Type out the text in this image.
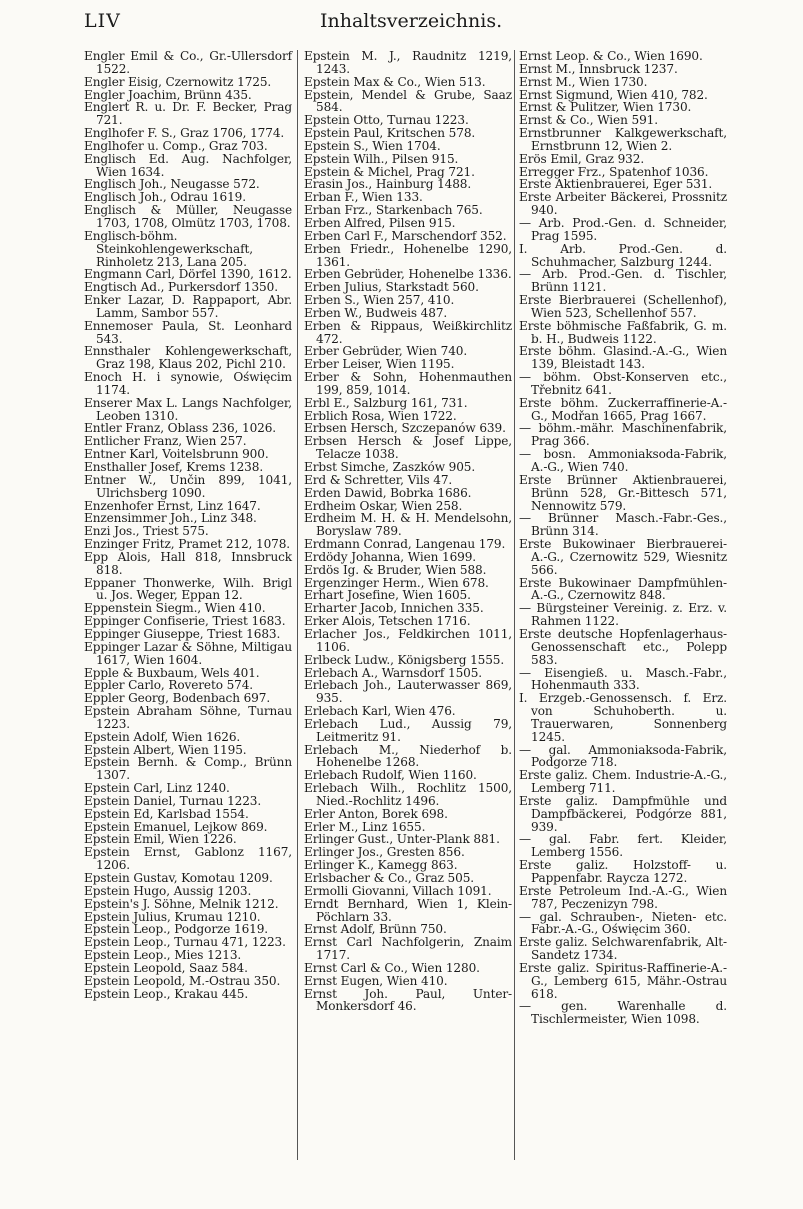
LIV	Inhaltsverzeichnis.

Engler Emil & Co., Gr.-Ullersdorf 1522.

Engler Eisig, Czernowitz 1725.

Engler Joachim, Brünn 435.

Englert R. u. Dr. F. Becker, Prag 721.

Englhofer F. S., Graz 1706, 1774.

Englhofer u. Comp., Graz 703.

Englisch Ed. Aug. Nachfolger, Wien 1634.

Englisch Joh., Neugasse 572.

Englisch Joh., Odrau 1619.

Englisch & Müller, Neugasse 1703, 1708, Olmütz 1703, 1708.

Englisch-böhm. Steinkohlengewerkschaft, Rinholetz 213, Lana 205.

Engmann Carl, Dörfel 1390, 1612.

Engtisch Ad., Purkersdorf 1350.

Enker Lazar, D. Rappaport, Abr. Lamm, Sambor 557.

Ennemoser Paula, St. Leonhard 543.

Ennsthaler Kohlengewerkschaft, Graz 198, Klaus 202, Pichl 210.

Enoch H. i synowie, Oświęcim 1174.

Enserer Max L. Langs Nachfolger, Leoben 1310.

Entler Franz, Oblass 236, 1026.

Entlicher Franz, Wien 257.

Entner Karl, Voitelsbrunn 900.

Ensthaller Josef, Krems 1238.

Entner W., Unčin 899, 1041, Ulrichsberg 1090.

Enzenhofer Ernst, Linz 1647.

Enzensimmer Joh., Linz 348.

Enzi Jos., Triest 575.

Enzinger Fritz, Pramet 212, 1078.

Epp Alois, Hall 818, Innsbruck 818.

Eppaner Thonwerke, Wilh. Brigl u. Jos. Weger, Eppan 12.

Eppenstein Siegm., Wien 410.

Eppinger Confiserie, Triest 1683.

Eppinger Giuseppe, Triest 1683.

Eppinger Lazar & Söhne, Miltigau 1617, Wien 1604.

Epple & Buxbaum, Wels 401.

Eppler Carlo, Rovereto 574.

Eppler Georg, Bodenbach 697.

Epstein Abraham Söhne, Turnau 1223.

Epstein Adolf, Wien 1626.

Epstein Albert, Wien 1195.

Epstein Bernh. & Comp., Brünn 1307.

Epstein Carl, Linz 1240.

Epstein Daniel, Turnau 1223.

Epstein Ed, Karlsbad 1554.

Epstein Emanuel, Lejkow 869.

Epstein Emil, Wien 1226.

Epstein Ernst, Gablonz 1167, 1206.

Epstein Gustav, Komotau 1209.

Epstein Hugo, Aussig 1203.

Epstein's J. Söhne, Melnik 1212.

Epstein Julius, Krumau 1210.

Epstein Leop., Podgorze 1619.

Epstein Leop., Turnau 471, 1223.

Epstein Leop., Mies 1213.

Epstein Leopold, Saaz 584.

Epstein Leopold, M.-Ostrau 350.

Epstein Leop., Krakau 445.

Epstein M. J., Raudnitz 1219, 1243.

Epstein Max & Co., Wien 513.

Epstein, Mendel & Grube, Saaz 584.

Epstein Otto, Turnau 1223.

Epstein Paul, Kritschen 578.

Epstein S., Wien 1704.

Epstein Wilh., Pilsen 915.

Epstein & Michel, Prag 721.

Erasin Jos., Hainburg 1488.

Erban F., Wien 133.

Erban Frz., Starkenbach 765.

Erben Alfred, Pilsen 915.

Erben Carl F., Marschendorf 352.

Erben Friedr., Hohenelbe 1290, 1361.

Erben Gebrüder, Hohenelbe 1336.

Erben Julius, Starkstadt 560.

Erben S., Wien 257, 410.

Erben W., Budweis 487.

Erben & Rippaus, Weißkirchlitz 472.

Erber Gebrüder, Wien 740.

Erber Leiser, Wien 1195.

Erber & Sohn, Hohenmauthen 199, 859, 1014.

Erbl E., Salzburg 161, 731.

Erblich Rosa, Wien 1722.

Erbsen Hersch, Szczepanów 639.

Erbsen Hersch & Josef Lippe, Telacze 1038.

Erbst Simche, Zaszków 905.

Erd & Schretter, Vils 47.

Erden Dawid, Bobrka 1686.

Erdheim Oskar, Wien 258.

Erdheim M. H. & H. Mendelsohn, Boryslaw 789.

Erdmann Conrad, Langenau 179.

Erdödy Johanna, Wien 1699.

Erdös Ig. & Bruder, Wien 588.

Ergenzinger Herm., Wien 678.

Erhart Josefine, Wien 1605.

Erharter Jacob, Innichen 335.

Erker Alois, Tetschen 1716.

Erlacher Jos., Feldkirchen 1011, 1106.

Erlbeck Ludw., Königsberg 1555.

Erlebach A., Warnsdorf 1505.

Erlebach Joh., Lauterwasser 869, 935.

Erlebach Karl, Wien 476.

Erlebach Lud., Aussig 79, Leitmeritz 91.

Erlebach M., Niederhof b. Hohenelbe 1268.

Erlebach Rudolf, Wien 1160.

Erlebach Wilh., Rochlitz 1500, Nied.-Rochlitz 1496.

Erler Anton, Borek 698.

Erler M., Linz 1655.

Erlinger Gust., Unter-Plank 881.

Erlinger Jos., Gresten 856.

Erlinger K., Kamegg 863.

Erlsbacher & Co., Graz 505.

Ermolli Giovanni, Villach 1091.

Erndt Bernhard, Wien 1, Klein-Pöchlarn 33.

Ernst Adolf, Brünn 750.

Ernst Carl Nachfolgerin, Znaim 1717.

Ernst Carl & Co., Wien 1280.

Ernst Eugen, Wien 410.

Ernst Joh. Paul, Unter-Monkersdorf 46.

Ernst Leop. & Co., Wien 1690.

Ernst M., Innsbruck 1237.

Ernst M., Wien 1730.

Ernst Sigmund, Wien 410, 782.

Ernst & Pulitzer, Wien 1730.

Ernst & Co., Wien 591.

Ernstbrunner Kalkgewerkschaft, Ernstbrunn 12, Wien 2.

Erös Emil, Graz 932.

Erregger Frz., Spatenhof 1036.

Erste Aktienbrauerei, Eger 531.

Erste Arbeiter Bäckerei, Prossnitz 940.

— Arb. Prod.-Gen. d. Schneider, Prag 1595.

I. Arb. Prod.-Gen. d. Schuhmacher, Salzburg 1244.

— Arb. Prod.-Gen. d. Tischler, Brünn 1121.

Erste Bierbrauerei (Schellenhof), Wien 523, Schellenhof 557.

Erste böhmische Faßfabrik, G. m. b. H., Budweis 1122.

Erste böhm. Glasind.-A.-G., Wien 139, Bleistadt 143.

— böhm. Obst-Konserven etc., Třebnitz 641.

Erste böhm. Zuckerraffinerie-A.-G., Modřan 1665, Prag 1667.

— böhm.-mähr. Maschinenfabrik, Prag 366.

— bosn. Ammoniaksoda-Fabrik, A.-G., Wien 740.

Erste Brünner Aktienbrauerei, Brünn 528, Gr.-Bittesch 571, Nennowitz 579.

— Brünner Masch.-Fabr.-Ges., Brünn 314.

Erste Bukowinaer Bierbrauerei-A.-G., Czernowitz 529, Wiesnitz 566.

Erste Bukowinaer Dampfmühlen-A.-G., Czernowitz 848.

— Bürgsteiner Vereinig. z. Erz. v. Rahmen 1122.

Erste deutsche Hopfenlagerhaus-Genossenschaft etc., Polepp 583.

— Eisengieß. u. Masch.-Fabr., Hohenmauth 333.

I. Erzgeb.-Genossensch. f. Erz. von Schuhoberth. u. Trauerwaren, Sonnenberg 1245.

— gal. Ammoniaksoda-Fabrik, Podgorze 718.

Erste galiz. Chem. Industrie-A.-G., Lemberg 711.

Erste galiz. Dampfmühle und Dampfbäckerei, Podgórze 881, 939.

— gal. Fabr. fert. Kleider, Lemberg 1556.

Erste galiz. Holzstoff- u. Pappenfabr. Raycza 1272.

Erste Petroleum Ind.-A.-G., Wien 787, Peczenizyn 798.

— gal. Schrauben-, Nieten- etc. Fabr.-A.-G., Oświęcim 360.

Erste galiz. Selchwarenfabrik, Alt-Sandetz 1734.

Erste galiz. Spiritus-Raffinerie-A.-G., Lemberg 615, Mähr.-Ostrau 618.

— gen. Warenhalle d. Tischlermeister, Wien 1098.
